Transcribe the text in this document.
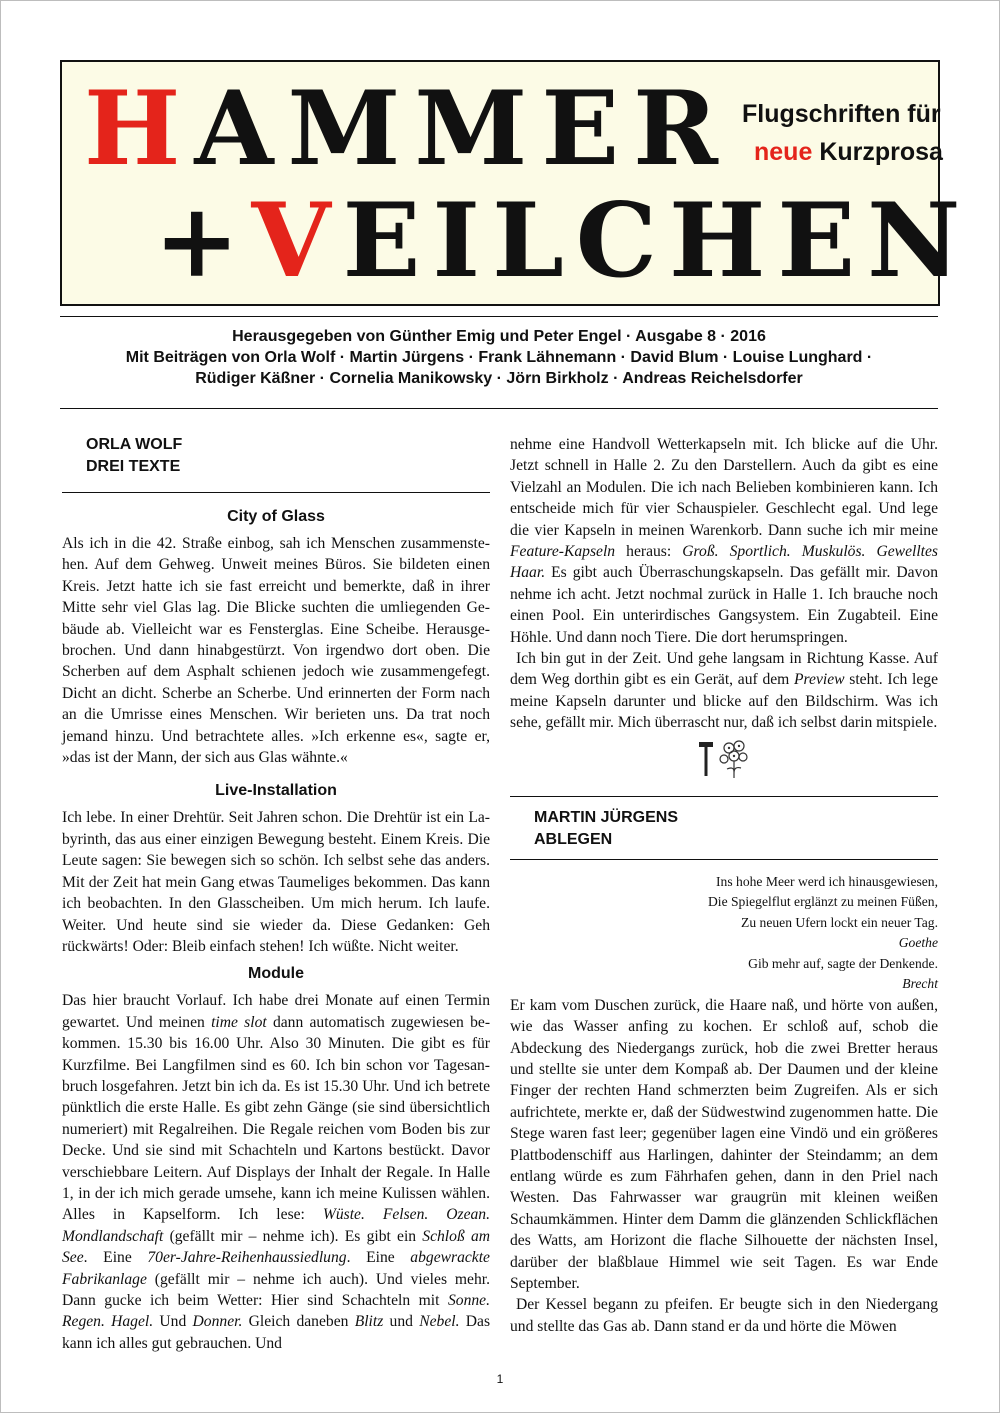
HAMMER
+VEILCHEN
Flugschriften für
neue Kurzprosa
Herausgegeben von Günther Emig und Peter Engel · Ausgabe 8 · 2016
Mit Beiträgen von Orla Wolf · Martin Jürgens · Frank Lähnemann · David Blum · Louise Lunghard ·
Rüdiger Käßner · Cornelia Manikowsky · Jörn Birkholz · Andreas Reichelsdorfer
ORLA WOLF
DREI TEXTE
City of Glass

Als ich in die 42. Straße einbog, sah ich Menschen zusammenstehen. Auf dem Gehweg. Unweit meines Büros. Sie bildeten einen Kreis. Jetzt hatte ich sie fast erreicht und bemerkte, daß in ihrer Mitte sehr viel Glas lag. Die Blicke suchten die umliegenden Gebäude ab. Vielleicht war es Fensterglas. Eine Scheibe. Herausgebrochen. Und dann hinabgestürzt. Von irgendwo dort oben. Die Scherben auf dem Asphalt schienen jedoch wie zusammengefegt. Dicht an dicht. Scherbe an Scherbe. Und erinnerten der Form nach an die Umrisse eines Menschen. Wir berieten uns. Da trat noch jemand hinzu. Und betrachtete alles. »Ich erkenne es«, sagte er, »das ist der Mann, der sich aus Glas wähnte.«

Live-Installation

Ich lebe. In einer Drehtür. Seit Jahren schon. Die Drehtür ist ein Labyrinth, das aus einer einzigen Bewegung besteht. Einem Kreis. Die Leute sagen: Sie bewegen sich so schön. Ich selbst sehe das anders. Mit der Zeit hat mein Gang etwas Taumeliges bekommen. Das kann ich beobachten. In den Glasscheiben. Um mich herum. Ich laufe. Weiter. Und heute sind sie wieder da. Diese Gedanken: Geh rückwärts! Oder: Bleib einfach stehen! Ich wüßte. Nicht weiter.

Module

Das hier braucht Vorlauf. Ich habe drei Monate auf einen Termin gewartet. Und meinen time slot dann automatisch zugewiesen bekommen. 15.30 bis 16.00 Uhr. Also 30 Minuten. Die gibt es für Kurzfilme. Bei Langfilmen sind es 60. Ich bin schon vor Tagesanbruch losgefahren. Jetzt bin ich da. Es ist 15.30 Uhr. Und ich betrete pünktlich die erste Halle. Es gibt zehn Gänge (sie sind übersichtlich numeriert) mit Regalreihen. Die Regale reichen vom Boden bis zur Decke. Und sie sind mit Schachteln und Kartons bestückt. Davor verschiebbare Leitern. Auf Displays der Inhalt der Regale. In Halle 1, in der ich mich gerade umsehe, kann ich meine Kulissen wählen. Alles in Kapselform. Ich lese: Wüste. Felsen. Ozean. Mondlandschaft (gefällt mir – nehme ich). Es gibt ein Schloß am See. Eine 70er-Jahre-Reihenhaussiedlung. Eine abgewrackte Fabrikanlage (gefällt mir – nehme ich auch). Und vieles mehr. Dann gucke ich beim Wetter: Hier sind Schachteln mit Sonne. Regen. Hagel. Und Donner. Gleich daneben Blitz und Nebel. Das kann ich alles gut gebrauchen. Und

nehme eine Handvoll Wetterkapseln mit. Ich blicke auf die Uhr. Jetzt schnell in Halle 2. Zu den Darstellern. Auch da gibt es eine Vielzahl an Modulen. Die ich nach Belieben kombinieren kann. Ich entscheide mich für vier Schauspieler. Geschlecht egal. Und lege die vier Kapseln in meinen Warenkorb. Dann suche ich mir meine Feature-Kapseln heraus: Groß. Sportlich. Muskulös. Gewelltes Haar. Es gibt auch Überraschungskapseln. Das gefällt mir. Davon nehme ich acht. Jetzt nochmal zurück in Halle 1. Ich brauche noch einen Pool. Ein unterirdisches Gangsystem. Ein Zugabteil. Eine Höhle. Und dann noch Tiere. Die dort herumspringen.

Ich bin gut in der Zeit. Und gehe langsam in Richtung Kasse. Auf dem Weg dorthin gibt es ein Gerät, auf dem Preview steht. Ich lege meine Kapseln darunter und blicke auf den Bildschirm. Was ich sehe, gefällt mir. Mich überrascht nur, daß ich selbst darin mitspiele.

MARTIN JÜRGENS
ABLEGEN
Ins hohe Meer werd ich hinausgewiesen,
Die Spiegelflut erglänzt zu meinen Füßen,
Zu neuen Ufern lockt ein neuer Tag.
Goethe
Gib mehr auf, sagte der Denkende.
Brecht

Er kam vom Duschen zurück, die Haare naß, und hörte von außen, wie das Wasser anfing zu kochen. Er schloß auf, schob die Abdeckung des Niedergangs zurück, hob die zwei Bretter heraus und stellte sie unter dem Kompaß ab. Der Daumen und der kleine Finger der rechten Hand schmerzten beim Zugreifen. Als er sich aufrichtete, merkte er, daß der Südwestwind zugenommen hatte. Die Stege waren fast leer; gegenüber lagen eine Vindö und ein größeres Plattbodenschiff aus Harlingen, dahinter der Steindamm; an dem entlang würde es zum Fährhafen gehen, dann in den Priel nach Westen. Das Fahrwasser war graugrün mit kleinen weißen Schaumkämmen. Hinter dem Damm die glänzenden Schlickflächen des Watts, am Horizont die flache Silhouette der nächsten Insel, darüber der blaßblaue Himmel wie seit Tagen. Es war Ende September.

Der Kessel begann zu pfeifen. Er beugte sich in den Niedergang und stellte das Gas ab. Dann stand er da und hörte die Möwen

1
